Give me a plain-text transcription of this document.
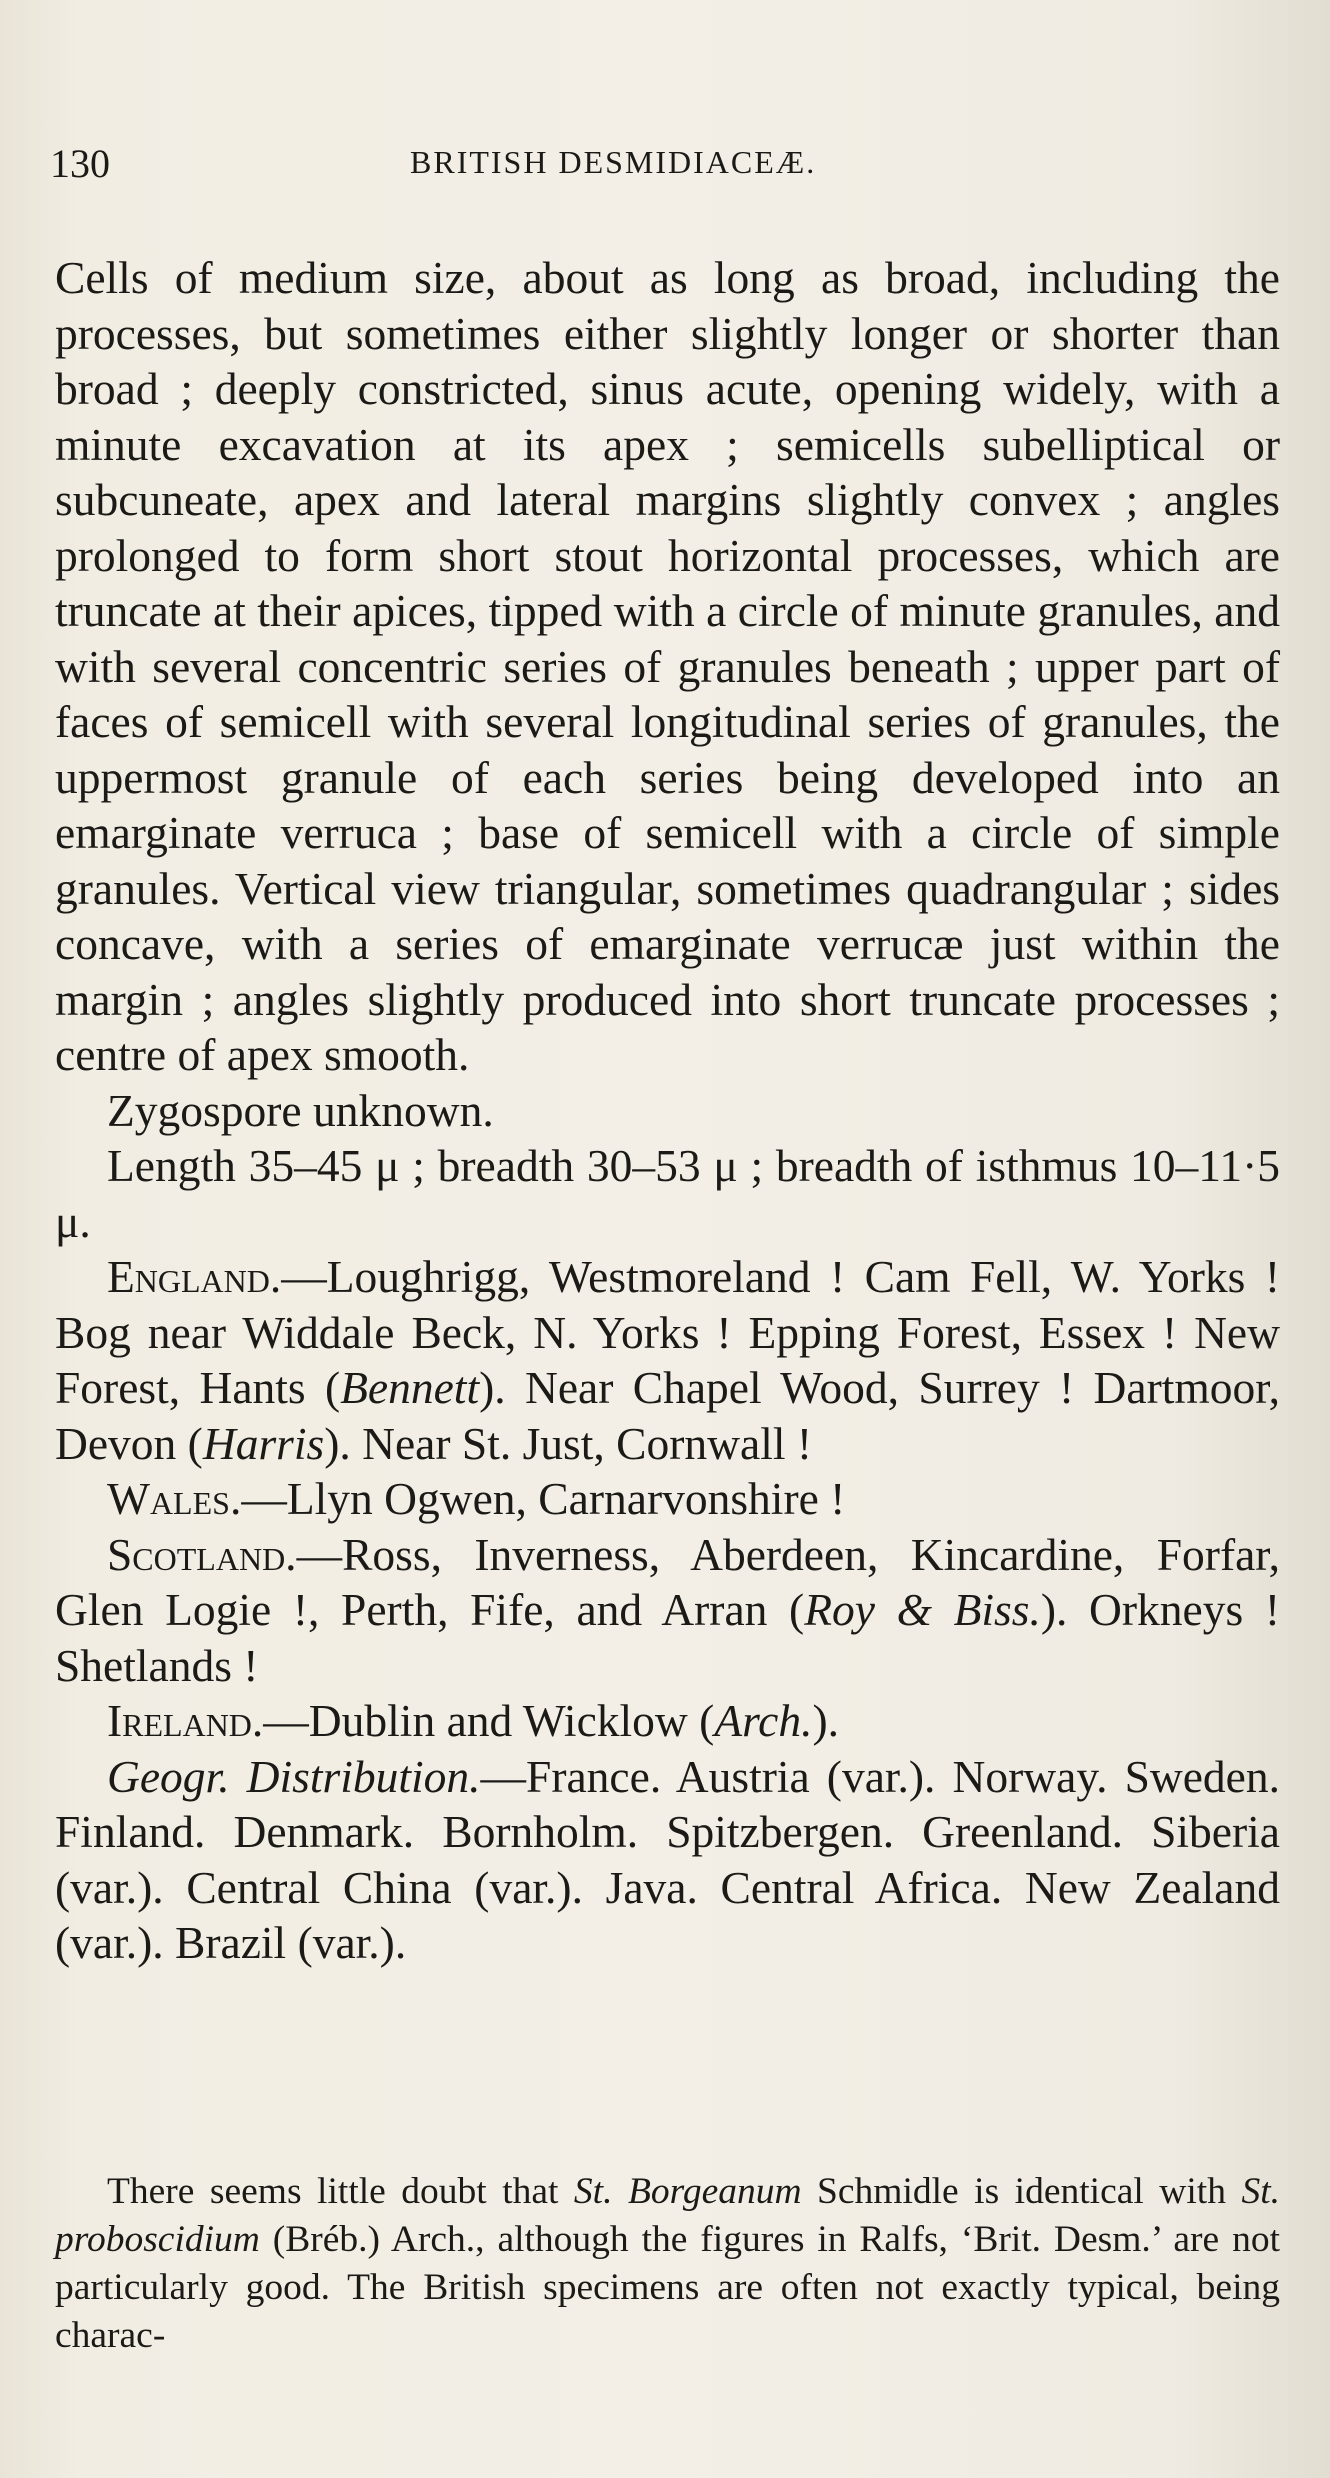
130	BRITISH DESMIDIACEÆ.

Cells of medium size, about as long as broad, including the processes, but sometimes either slightly longer or shorter than broad ; deeply constricted, sinus acute, opening widely, with a minute excavation at its apex ; semicells subelliptical or subcuneate, apex and lateral margins slightly convex ; angles prolonged to form short stout horizontal processes, which are truncate at their apices, tipped with a circle of minute granules, and with several concentric series of granules beneath ; upper part of faces of semicell with several longitudinal series of granules, the uppermost granule of each series being developed into an emarginate verruca ; base of semicell with a circle of simple granules. Vertical view triangular, sometimes quadrangular ; sides concave, with a series of emarginate verrucæ just within the margin ; angles slightly produced into short truncate processes ; centre of apex smooth.

Zygospore unknown.

Length 35–45 μ ; breadth 30–53 μ ; breadth of isthmus 10–11·5 μ.

England.—Loughrigg, Westmoreland ! Cam Fell, W. Yorks ! Bog near Widdale Beck, N. Yorks ! Epping Forest, Essex ! New Forest, Hants (Bennett). Near Chapel Wood, Surrey ! Dartmoor, Devon (Harris). Near St. Just, Cornwall !

Wales.—Llyn Ogwen, Carnarvonshire !

Scotland.—Ross, Inverness, Aberdeen, Kincardine, Forfar, Glen Logie !, Perth, Fife, and Arran (Roy & Biss.). Orkneys ! Shetlands !

Ireland.—Dublin and Wicklow (Arch.).

Geogr. Distribution.—France. Austria (var.). Norway. Sweden. Finland. Denmark. Bornholm. Spitzbergen. Greenland. Siberia (var.). Central China (var.). Java. Central Africa. New Zealand (var.). Brazil (var.).

There seems little doubt that St. Borgeanum Schmidle is identical with St. proboscidium (Bréb.) Arch., although the figures in Ralfs, ‘Brit. Desm.’ are not particularly good. The British specimens are often not exactly typical, being charac-
